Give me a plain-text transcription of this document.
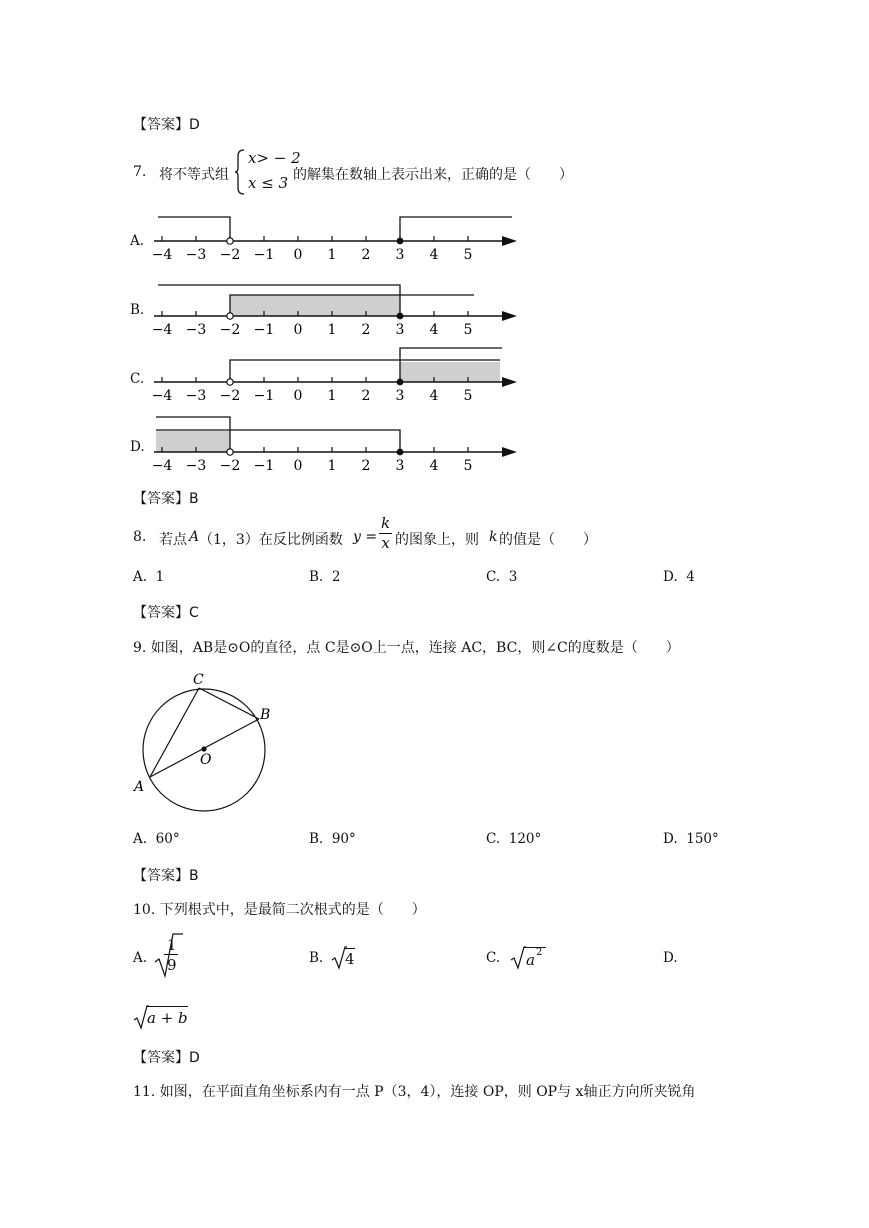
【答案】D
7. 将不等式组
x> − 2
x ≤ 3 的解集在数轴上表示出来，正确的是（　　）
A.
B.
C.
D.
−4 −3 −2 −1 0 1 2 3 4 5
−4 −3 −2 −1 0 1 2 3 4 5
−4 −3 −2 −1 0 1 2 3 4 5
−4 −3 −2 −1 0 1 2 3 4 5
【答案】B
8. 若点 A （1，3）在反比例函数 $y = \frac{k}{x}$ 的图象上，则 k 的值是（　　）
A. 1	B. 2	C. 3	D. 4
【答案】C
9. 如图，AB是⊙O的直径，点 C是⊙O上一点，连接 AC，BC，则∠C的度数是（　　）
C
B
O
A
A. 60°	B. 90°	C. 120°	D. 150°
【答案】B
10. 下列根式中，是最简二次根式的是（　　）
A.
1
9	B. 4	C. a 2	D.
a + b
【答案】D
11. 如图，在平面直角坐标系内有一点 P（3，4），连接 OP，则 OP与 x轴正方向所夹锐角
